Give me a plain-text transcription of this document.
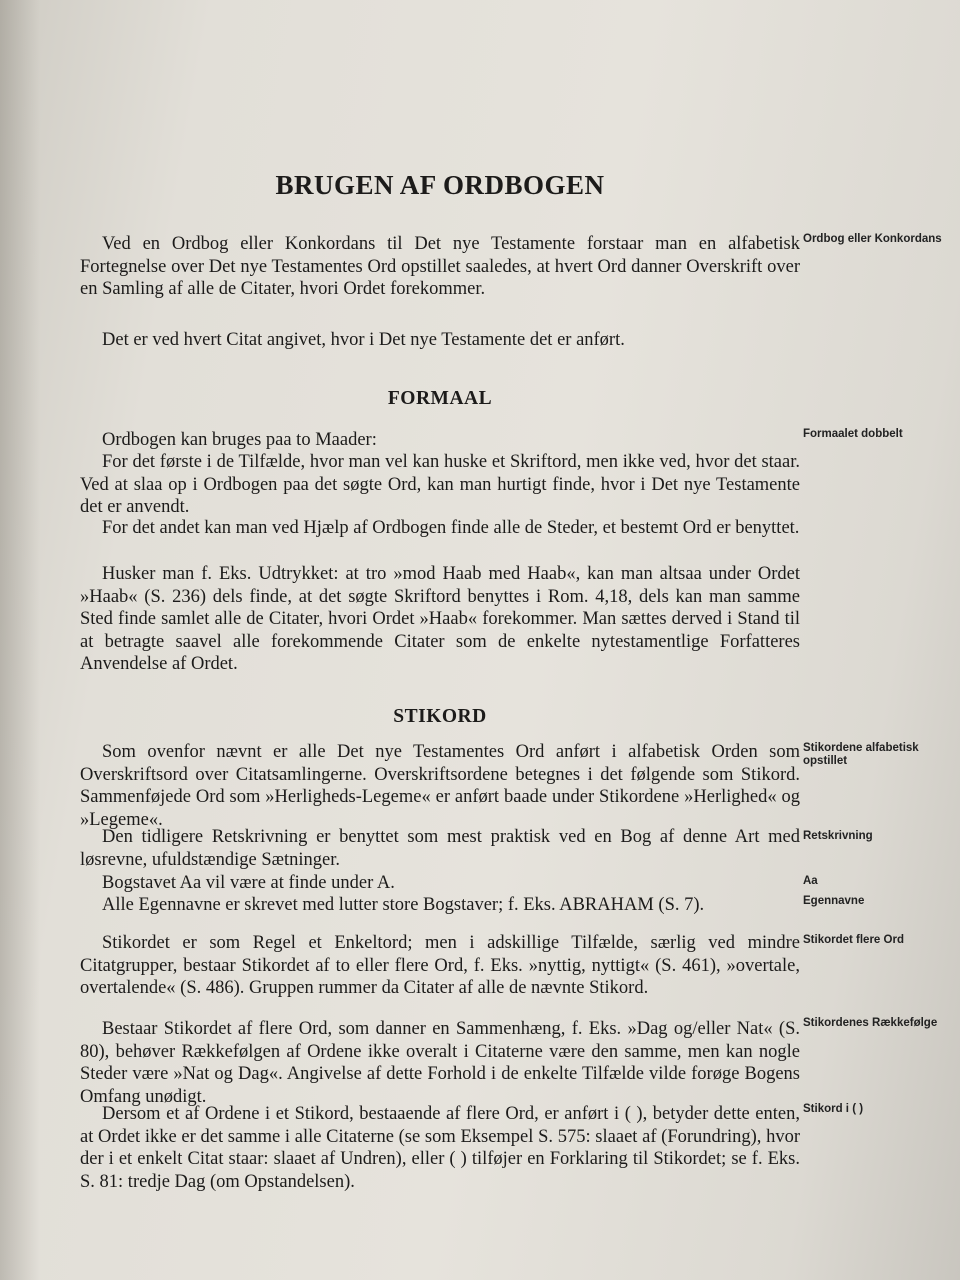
BRUGEN AF ORDBOGEN

Ved en Ordbog eller Konkordans til Det nye Testamente forstaar man en alfabetisk Fortegnelse over Det nye Testamentes Ord opstillet saaledes, at hvert Ord danner Overskrift over en Samling af alle de Citater, hvori Ordet forekommer.

Det er ved hvert Citat angivet, hvor i Det nye Testamente det er anført.

FORMAAL

Ordbogen kan bruges paa to Maader:

For det første i de Tilfælde, hvor man vel kan huske et Skriftord, men ikke ved, hvor det staar. Ved at slaa op i Ordbogen paa det søgte Ord, kan man hurtigt finde, hvor i Det nye Testamente det er anvendt.

For det andet kan man ved Hjælp af Ordbogen finde alle de Steder, et bestemt Ord er benyttet.

Husker man f. Eks. Udtrykket: at tro »mod Haab med Haab«, kan man altsaa under Ordet »Haab« (S. 236) dels finde, at det søgte Skriftord benyttes i Rom. 4,18, dels kan man samme Sted finde samlet alle de Citater, hvori Ordet »Haab« forekommer. Man sættes derved i Stand til at betragte saavel alle forekommende Citater som de enkelte nytestamentlige Forfatteres Anvendelse af Ordet.

STIKORD

Som ovenfor nævnt er alle Det nye Testamentes Ord anført i alfabetisk Orden som Overskriftsord over Citatsamlingerne. Overskriftsordene betegnes i det følgende som Stikord. Sammenføjede Ord som »Herligheds-Legeme« er anført baade under Stikordene »Herlighed« og »Legeme«.

Den tidligere Retskrivning er benyttet som mest praktisk ved en Bog af denne Art med løsrevne, ufuldstændige Sætninger.

Bogstavet Aa vil være at finde under A.

Alle Egennavne er skrevet med lutter store Bogstaver; f. Eks. ABRAHAM (S. 7).

Stikordet er som Regel et Enkeltord; men i adskillige Tilfælde, særlig ved mindre Citatgrupper, bestaar Stikordet af to eller flere Ord, f. Eks. »nyttig, nyttigt« (S. 461), »overtale, overtalende« (S. 486). Gruppen rummer da Citater af alle de nævnte Stikord.

Bestaar Stikordet af flere Ord, som danner en Sammenhæng, f. Eks. »Dag og/eller Nat« (S. 80), behøver Rækkefølgen af Ordene ikke overalt i Citaterne være den samme, men kan nogle Steder være »Nat og Dag«. Angivelse af dette Forhold i de enkelte Tilfælde vilde forøge Bogens Omfang unødigt.

Dersom et af Ordene i et Stikord, bestaaende af flere Ord, er anført i ( ), betyder dette enten, at Ordet ikke er det samme i alle Citaterne (se som Eksempel S. 575: slaaet af (Forundring), hvor der i et enkelt Citat staar: slaaet af Undren), eller ( ) tilføjer en Forklaring til Stikordet; se f. Eks. S. 81: tredje Dag (om Opstandelsen).

Ordbog eller Konkordans

Formaalet dobbelt

Stikordene alfabetisk opstillet

Retskrivning

Aa

Egennavne

Stikordet flere Ord

Stikordenes Rækkefølge

Stikord i ( )
